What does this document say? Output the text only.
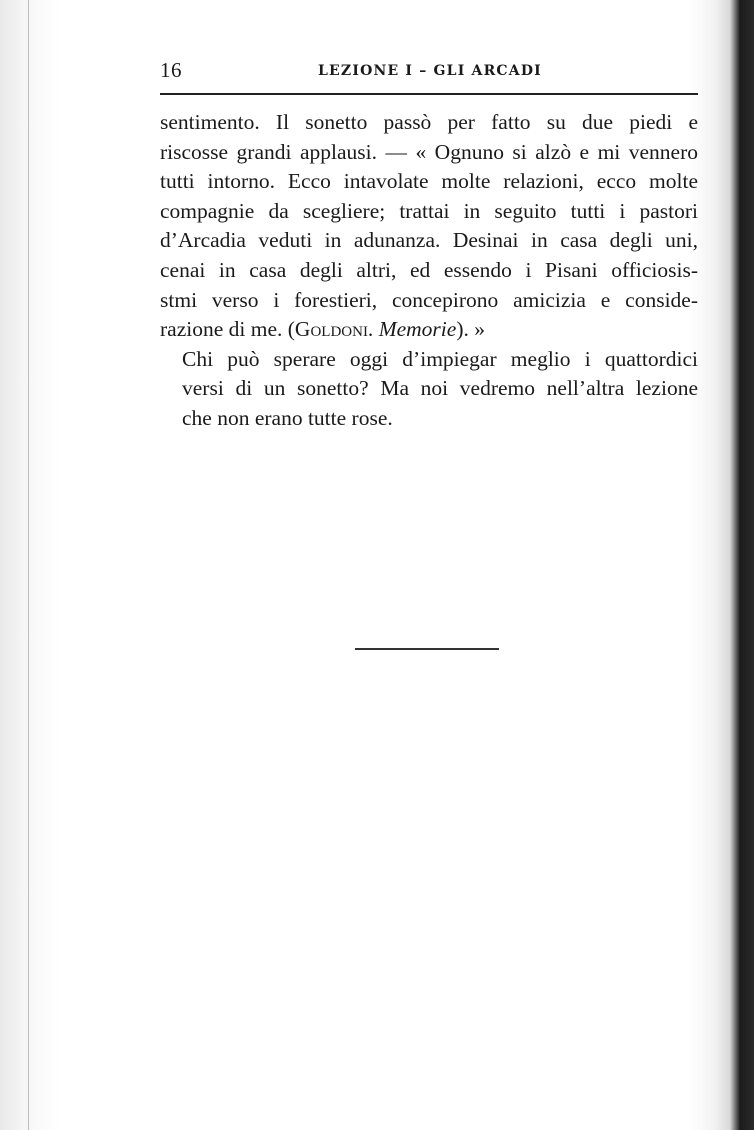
16	LEZIONE I – GLI ARCADI

sentimento. Il sonetto passò per fatto su due piedi e
riscosse grandi applausi. — « Ognuno si alzò e mi vennero
tutti intorno. Ecco intavolate molte relazioni, ecco molte
compagnie da scegliere; trattai in seguito tutti i pastori
d’Arcadia veduti in adunanza. Desinai in casa degli uni,
cenai in casa degli altri, ed essendo i Pisani officiosis-
stmi verso i forestieri, concepirono amicizia e conside-
razione di me. (Goldoni. Memorie). »

Chi può sperare oggi d’impiegar meglio i quattordici
versi di un sonetto? Ma noi vedremo nell’altra lezione
che non erano tutte rose.
